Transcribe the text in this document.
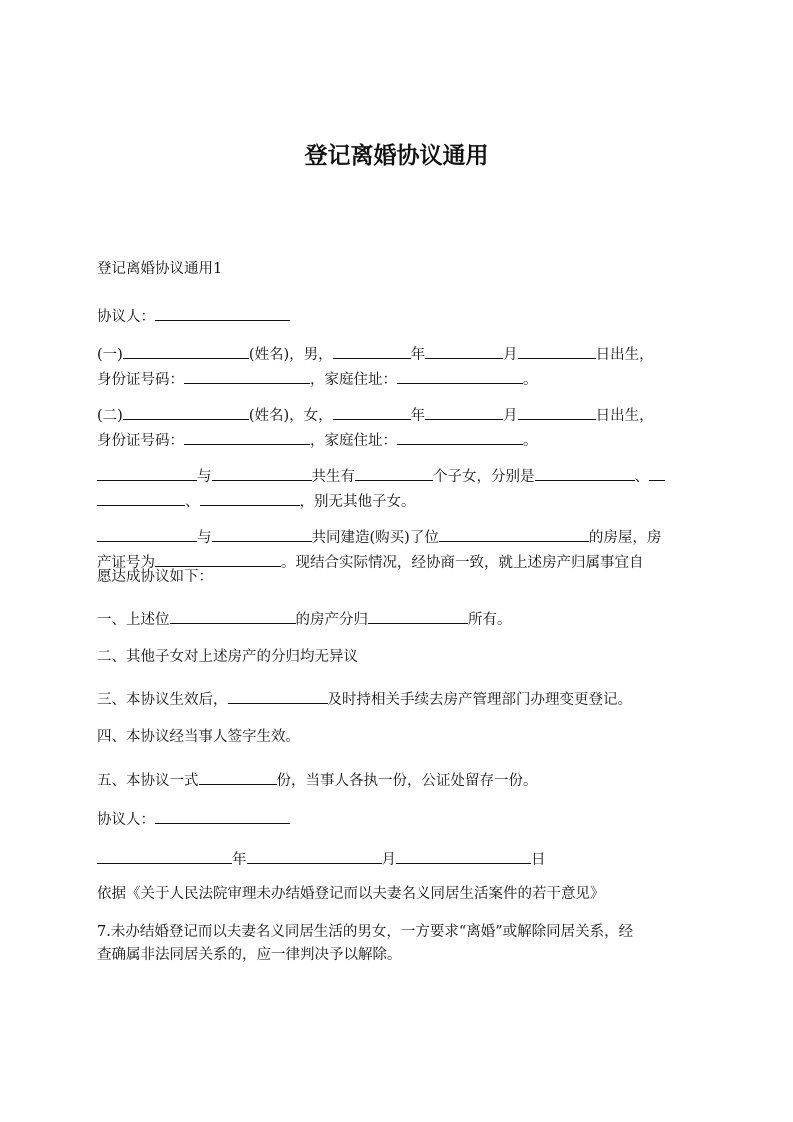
登记离婚协议通用
登记离婚协议通用1
协议人：
(一)	(姓名)，男，	年	月	日出生，
身份证号码：	，家庭住址：	。
(二)	(姓名)，女，	年	月	日出生，
身份证号码：	，家庭住址：	。
与	共生有	个子女，分别是	、
、	，别无其他子女。
与	共同建造(购买)了位	的房屋，房
产证号为	。现结合实际情况，经协商一致，就上述房产归属事宜自
愿达成协议如下：
一、上述位	的房产分归	所有。
二、其他子女对上述房产的分归均无异议
三、本协议生效后，	及时持相关手续去房产管理部门办理变更登记。
四、本协议经当事人签字生效。
五、本协议一式	份，当事人各执一份，公证处留存一份。
协议人：
年	月	日
依据《关于人民法院审理未办结婚登记而以夫妻名义同居生活案件的若干意见》
7.未办结婚登记而以夫妻名义同居生活的男女，一方要求“离婚”或解除同居关系，经
查确属非法同居关系的，应一律判决予以解除。
